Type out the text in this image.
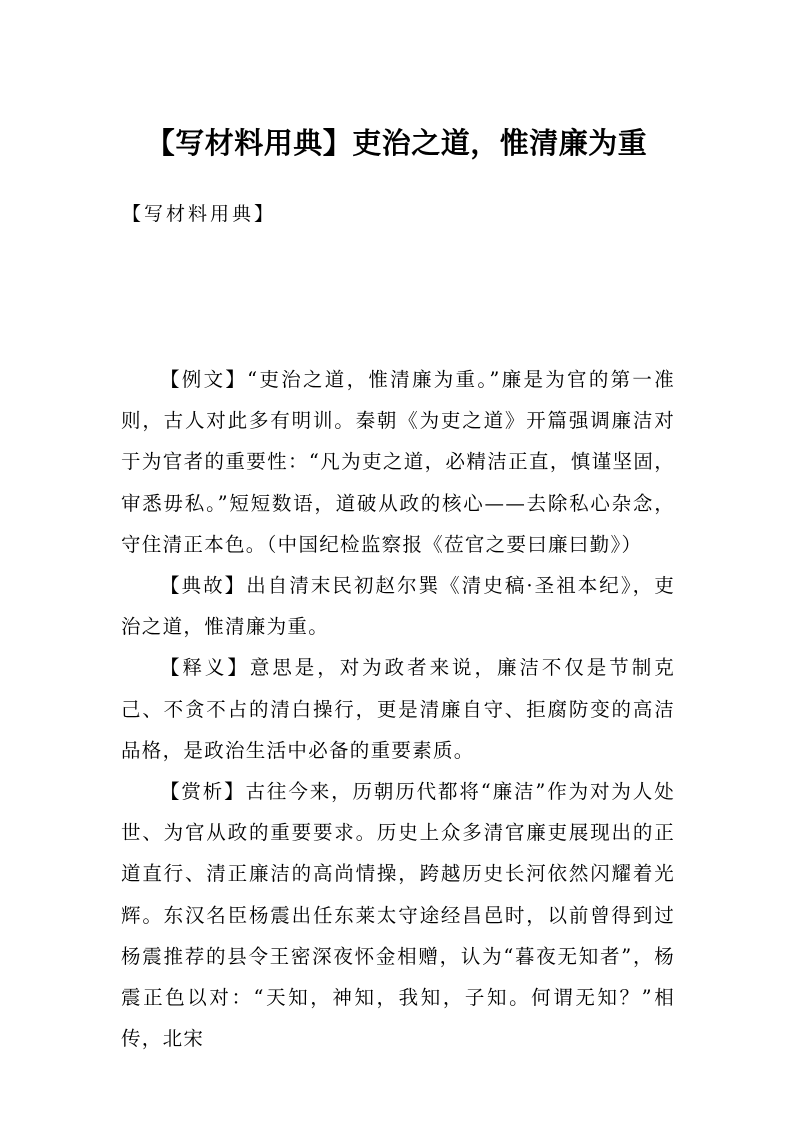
【写材料用典】吏治之道，惟清廉为重

【写材料用典】

【例文】“吏治之道，惟清廉为重。”廉是为官的第一准则，古人对此多有明训。秦朝《为吏之道》开篇强调廉洁对于为官者的重要性：“凡为吏之道，必精洁正直，慎谨坚固，审悉毋私。”短短数语，道破从政的核心——去除私心杂念，守住清正本色。（中国纪检监察报《莅官之要曰廉曰勤》）

【典故】出自清末民初赵尔巽《清史稿·圣祖本纪》，吏治之道，惟清廉为重。

【释义】意思是，对为政者来说，廉洁不仅是节制克己、不贪不占的清白操行，更是清廉自守、拒腐防变的高洁品格，是政治生活中必备的重要素质。

【赏析】古往今来，历朝历代都将“廉洁”作为对为人处世、为官从政的重要要求。历史上众多清官廉吏展现出的正道直行、清正廉洁的高尚情操，跨越历史长河依然闪耀着光辉。东汉名臣杨震出任东莱太守途经昌邑时，以前曾得到过杨震推荐的县令王密深夜怀金相赠，认为“暮夜无知者”，杨震正色以对：“天知，神知，我知，子知。何谓无知？”相传，北宋
